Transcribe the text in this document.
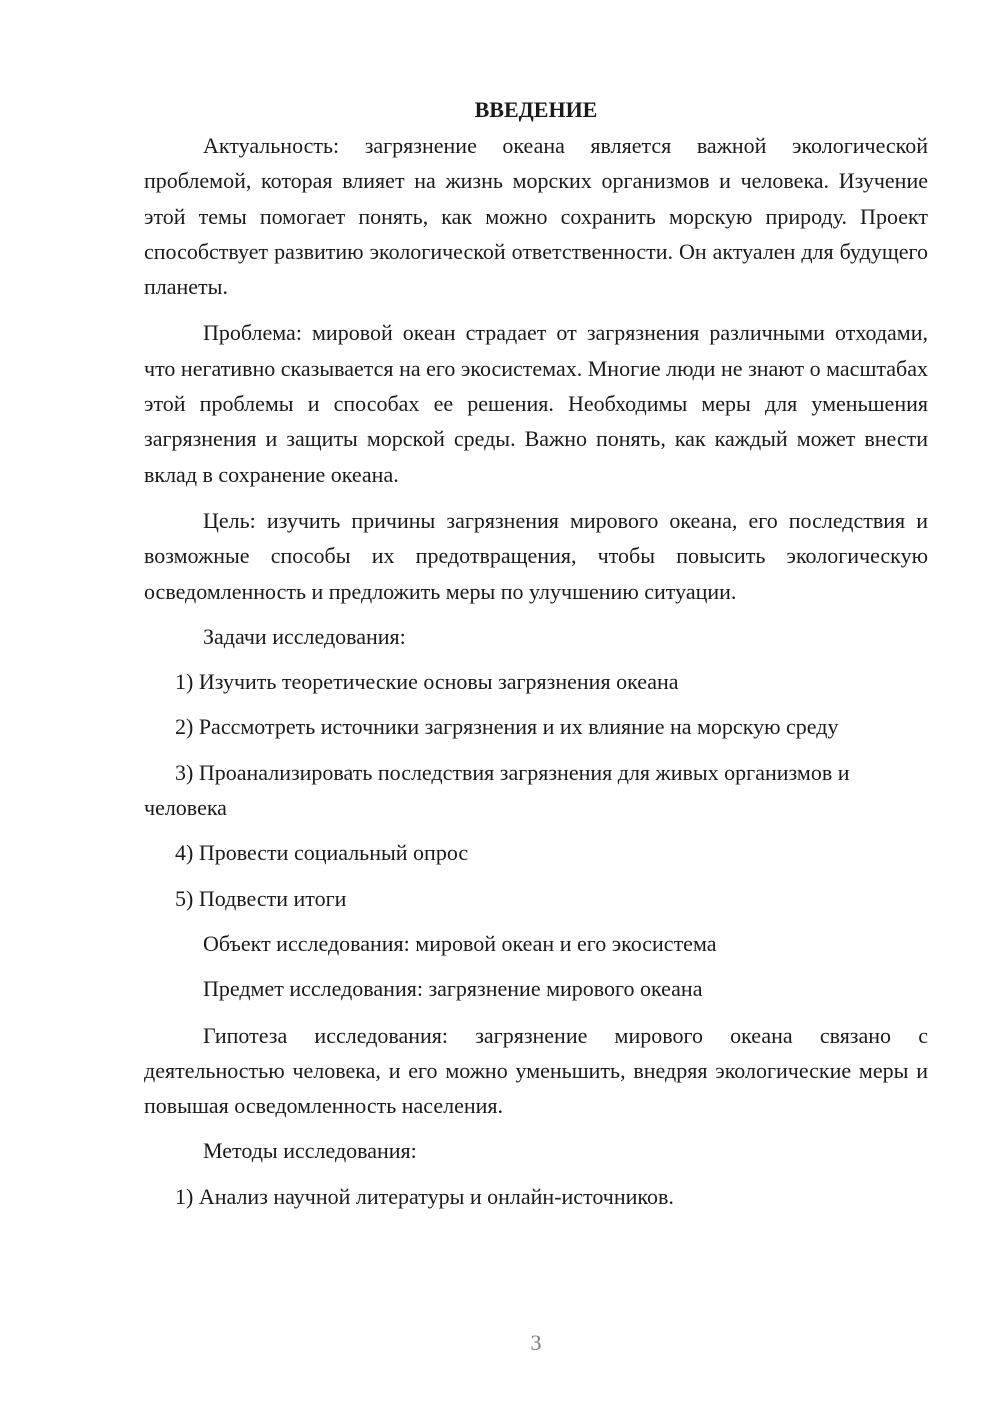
ВВЕДЕНИЕ

Актуальность: загрязнение океана является важной экологической проблемой, которая влияет на жизнь морских организмов и человека. Изучение этой темы помогает понять, как можно сохранить морскую природу. Проект способствует развитию экологической ответственности. Он актуален для будущего планеты.

Проблема: мировой океан страдает от загрязнения различными отходами, что негативно сказывается на его экосистемах. Многие люди не знают о масштабах этой проблемы и способах ее решения. Необходимы меры для уменьшения загрязнения и защиты морской среды. Важно понять, как каждый может внести вклад в сохранение океана.

Цель: изучить причины загрязнения мирового океана, его последствия и возможные способы их предотвращения, чтобы повысить экологическую осведомленность и предложить меры по улучшению ситуации.

Задачи исследования:

1) Изучить теоретические основы загрязнения океана

2) Рассмотреть источники загрязнения и их влияние на морскую среду

3) Проанализировать последствия загрязнения для живых организмов и человека

4) Провести социальный опрос

5) Подвести итоги

Объект исследования: мировой океан и его экосистема

Предмет исследования: загрязнение мирового океана

Гипотеза исследования: загрязнение мирового океана связано с деятельностью человека, и его можно уменьшить, внедряя экологические меры и повышая осведомленность населения.

Методы исследования:

1) Анализ научной литературы и онлайн-источников.

3
